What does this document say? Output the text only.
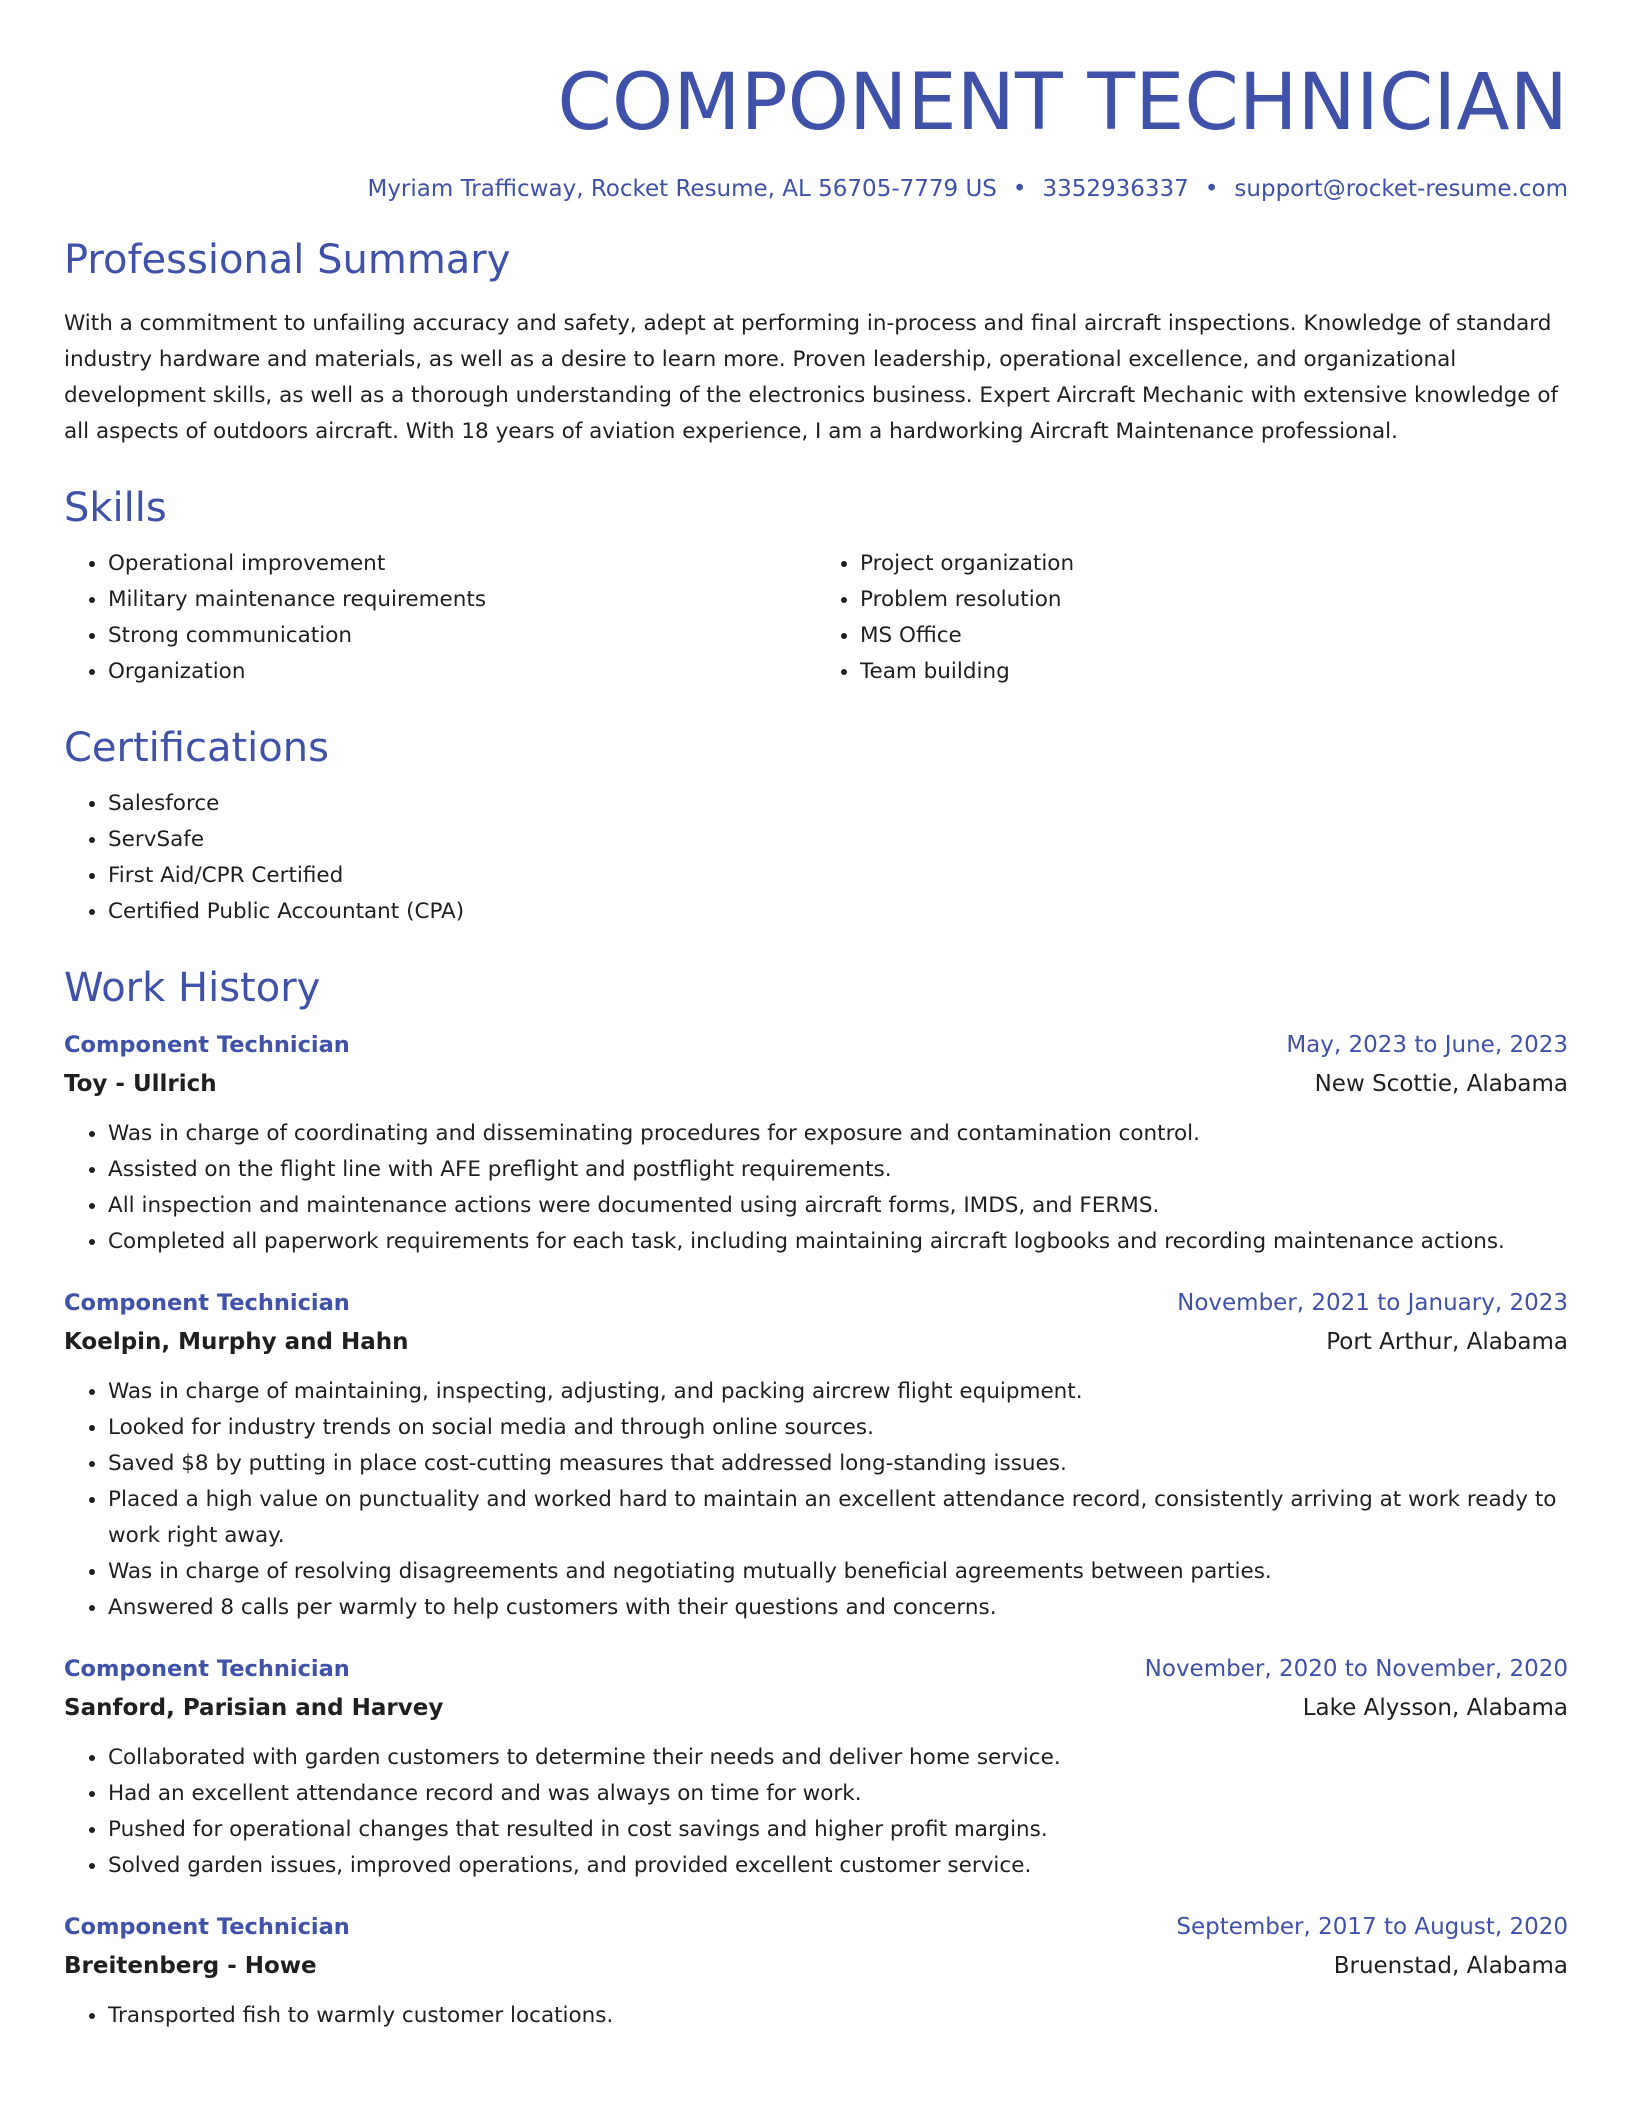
COMPONENT TECHNICIAN
Myriam Trafficway, Rocket Resume, AL 56705-7779 US • 3352936337 • support@rocket-resume.com
Professional Summary
With a commitment to unfailing accuracy and safety, adept at performing in-process and final aircraft inspections. Knowledge of standard industry hardware and materials, as well as a desire to learn more. Proven leadership, operational excellence, and organizational development skills, as well as a thorough understanding of the electronics business. Expert Aircraft Mechanic with extensive knowledge of all aspects of outdoors aircraft. With 18 years of aviation experience, I am a hardworking Aircraft Maintenance professional.
Skills
• Operational improvement
• Military maintenance requirements
• Strong communication
• Organization
• Project organization
• Problem resolution
• MS Office
• Team building
Certifications
• Salesforce
• ServSafe
• First Aid/CPR Certified
• Certified Public Accountant (CPA)
Work History
Component Technician	May, 2023 to June, 2023
Toy - Ullrich	New Scottie, Alabama
• Was in charge of coordinating and disseminating procedures for exposure and contamination control.
• Assisted on the flight line with AFE preflight and postflight requirements.
• All inspection and maintenance actions were documented using aircraft forms, IMDS, and FERMS.
• Completed all paperwork requirements for each task, including maintaining aircraft logbooks and recording maintenance actions.
Component Technician	November, 2021 to January, 2023
Koelpin, Murphy and Hahn	Port Arthur, Alabama
• Was in charge of maintaining, inspecting, adjusting, and packing aircrew flight equipment.
• Looked for industry trends on social media and through online sources.
• Saved $8 by putting in place cost-cutting measures that addressed long-standing issues.
• Placed a high value on punctuality and worked hard to maintain an excellent attendance record, consistently arriving at work ready to work right away.
• Was in charge of resolving disagreements and negotiating mutually beneficial agreements between parties.
• Answered 8 calls per warmly to help customers with their questions and concerns.
Component Technician	November, 2020 to November, 2020
Sanford, Parisian and Harvey	Lake Alysson, Alabama
• Collaborated with garden customers to determine their needs and deliver home service.
• Had an excellent attendance record and was always on time for work.
• Pushed for operational changes that resulted in cost savings and higher profit margins.
• Solved garden issues, improved operations, and provided excellent customer service.
Component Technician	September, 2017 to August, 2020
Breitenberg - Howe	Bruenstad, Alabama
• Transported fish to warmly customer locations.
